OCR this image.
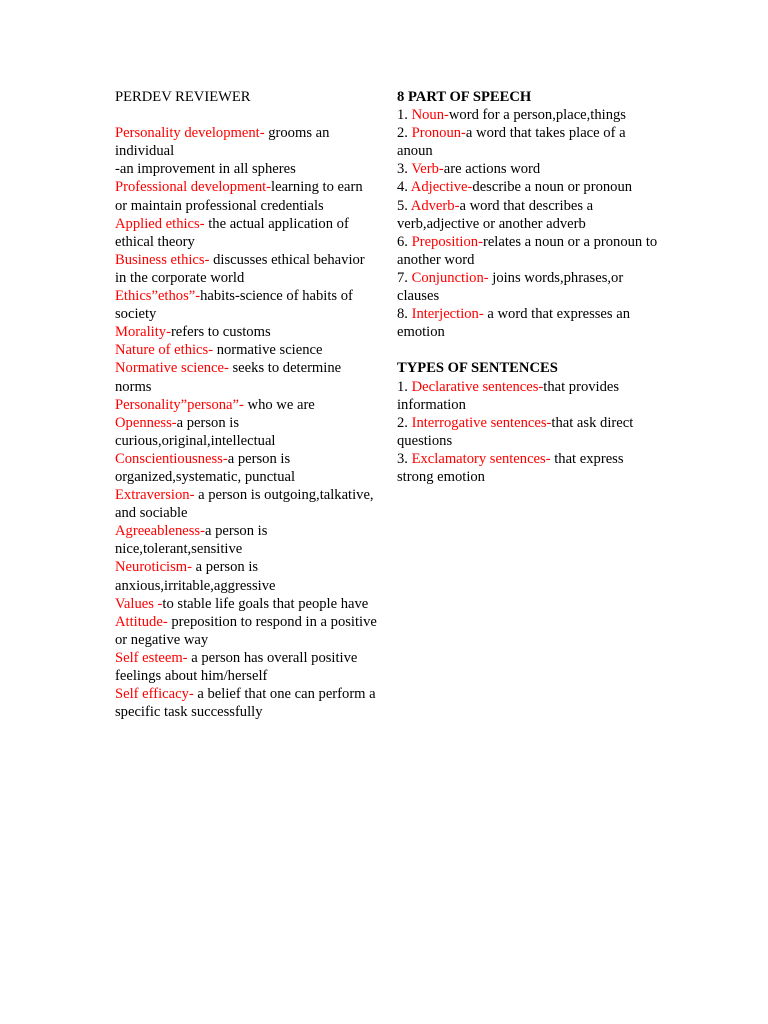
PERDEV REVIEWER

Personality development- grooms an individual

-an improvement in all spheres

Professional development-learning to earn or maintain professional credentials

Applied ethics- the actual application of ethical theory

Business ethics- discusses ethical behavior in the corporate world

Ethics”ethos”-habits-science of habits of society

Morality-refers to customs

Nature of ethics- normative science

Normative science- seeks to determine norms

Personality”persona”- who we are

Openness-a person is curious,original,intellectual

Conscientiousness-a person is organized,systematic, punctual

Extraversion- a person is outgoing,talkative, and sociable

Agreeableness-a person is nice,tolerant,sensitive

Neuroticism- a person is anxious,irritable,aggressive

Values -to stable life goals that people have

Attitude- preposition to respond in a positive or negative way

Self esteem- a person has overall positive feelings about him/herself

Self efficacy- a belief that one can perform a specific task successfully

8 PART OF SPEECH

1. Noun-word for a person,place,things

2. Pronoun-a word that takes place of a anoun

3. Verb-are actions word

4. Adjective-describe a noun or pronoun

5. Adverb-a word that describes a verb,adjective or another adverb

6. Preposition-relates a noun or a pronoun to another word

7. Conjunction- joins words,phrases,or clauses

8. Interjection- a word that expresses an emotion

TYPES OF SENTENCES

1. Declarative sentences-that provides information

2. Interrogative sentences-that ask direct questions

3. Exclamatory sentences- that express strong emotion
